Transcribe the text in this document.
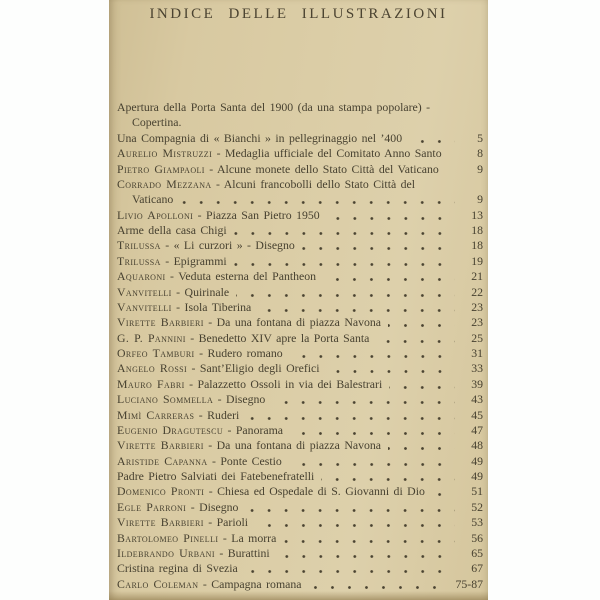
INDICE DELLE ILLUSTRAZIONI
Apertura della Porta Santa del 1900 (da una stampa popolare) -
Copertina.
Una Compagnia di « Bianchi » in pellegrinaggio nel ’400	5
Aurelio Mistruzzi - Medaglia ufficiale del Comitato Anno Santo	8
Pietro Giampaoli - Alcune monete dello Stato Città del Vaticano	9
Corrado Mezzana - Alcuni francobolli dello Stato Città del
Vaticano	9
Livio Apolloni - Piazza San Pietro 1950	13
Arme della casa Chigi	18
Trilussa - « Li curzori » - Disegno	18
Trilussa - Epigrammi	19
Aquaroni - Veduta esterna del Pantheon	21
Vanvitelli - Quirinale	22
Vanvitelli - Isola Tiberina	23
Virette Barbieri - Da una fontana di piazza Navona	23
G. P. Pannini - Benedetto XIV apre la Porta Santa	25
Orfeo Tamburi - Rudero romano	31
Angelo Rossi - Sant’Eligio degli Orefici	33
Mauro Fabri - Palazzetto Ossoli in via dei Balestrari	39
Luciano Sommella - Disegno	43
Mimì Carreras - Ruderi	45
Eugenio Dragutescu - Panorama	47
Virette Barbieri - Da una fontana di piazza Navona	48
Aristide Capanna - Ponte Cestio	49
Padre Pietro Salviati dei Fatebenefratelli	49
Domenico Pronti - Chiesa ed Ospedale di S. Giovanni di Dio	51
Egle Parroni - Disegno	52
Virette Barbieri - Parioli	53
Bartolomeo Pinelli - La morra	56
Ildebrando Urbani - Burattini	65
Cristina regina di Svezia	67
Carlo Coleman - Campagna romana	75-87
